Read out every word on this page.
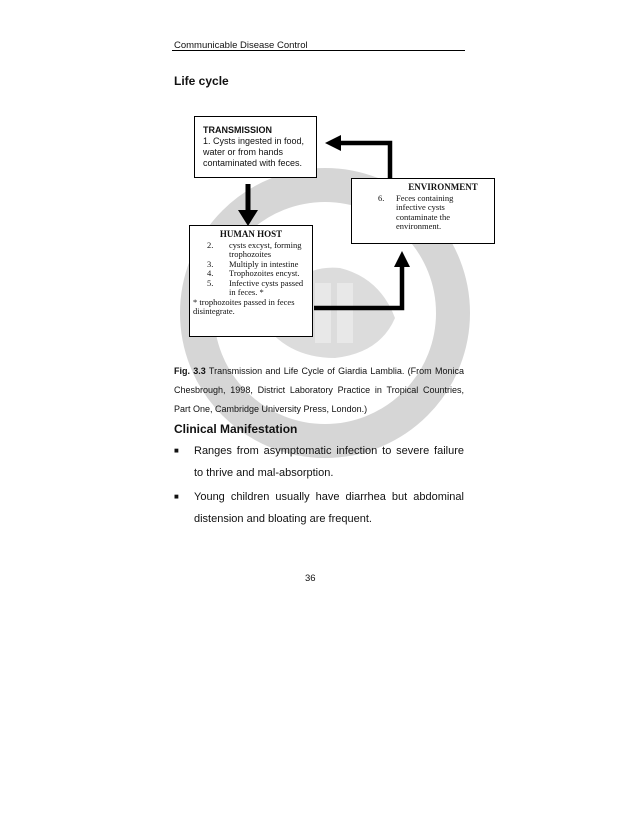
Communicable Disease Control
Life cycle
TRANSMISSION
1. Cysts ingested in food,
water or from hands
contaminated with feces.
ENVIRONMENT
6.	Feces containing infective cysts contaminate the environment.
HUMAN HOST
2.	cysts excyst, forming trophozoites
3.	Multiply in intestine
4.	Trophozoites encyst.
5.	Infective cysts passed in feces. *
* trophozoites passed in feces disintegrate.
Fig. 3.3 Transmission and Life Cycle of Giardia Lamblia. (From Monica Chesbrough, 1998, District Laboratory Practice in Tropical Countries, Part One, Cambridge University Press, London.)
Clinical Manifestation
■	Ranges from asymptomatic infection to severe failure to thrive and mal-absorption.
■	Young children usually have diarrhea but abdominal distension and bloating are frequent.
36
